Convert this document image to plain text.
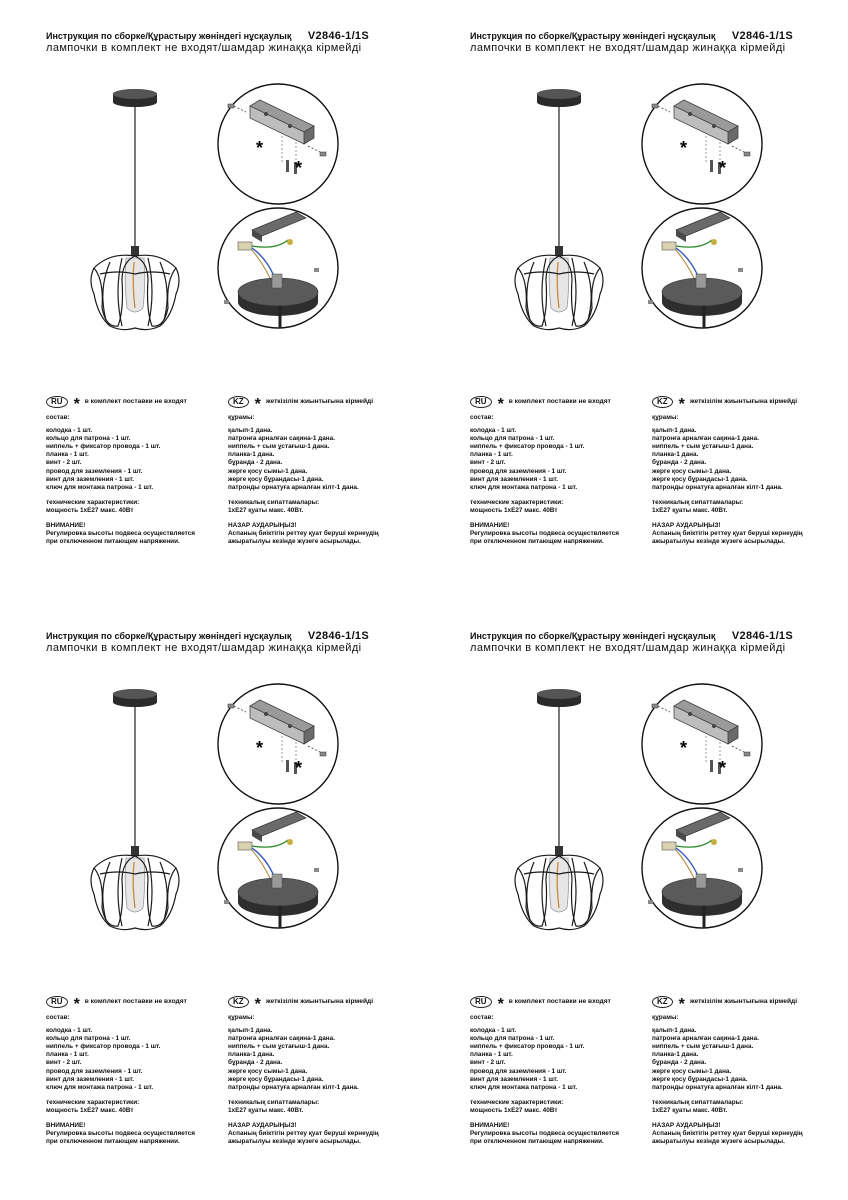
Инструкция по сборке/Құрастыру жөніндегі нұсқаулық V2846-1/1S
лампочки в комплект не входят/шамдар жинаққа кірмейді
*
*
RU * в комплект поставки не входят
состав:
колодка - 1 шт.
кольцо для патрона - 1 шт.
ниппель + фиксатор провода - 1 шт.
планка - 1 шт.
винт - 2 шт.
провод для заземления - 1 шт.
винт для заземления - 1 шт.
ключ для монтажа патрона - 1 шт.
технические характеристики:
мощность 1хЕ27 макс. 40Вт
ВНИМАНИЕ!
Регулировка высоты подвеса осуществляется
при отключенном питающем напряжении.
KZ * жеткізілім жиынтығына кірмейді
құрамы:
қалып-1 дана.
патронға арналған сақина-1 дана.
ниппель + сым ұстағыш-1 дана.
планка-1 дана.
бұранда - 2 дана.
жерге қосу сымы-1 дана.
жерге қосу бұрандасы-1 дана.
патронды орнатуға арналған кілт-1 дана.
техникалық сипаттамалары:
1хЕ27 қуаты макс. 40Вт.
НАЗАР АУДАРЫҢЫЗ!
Аспаның биіктігін реттеу қуат беруші кернеудің
ажыратылуы кезінде жүзеге асырылады.
Инструкция по сборке/Құрастыру жөніндегі нұсқаулық V2846-1/1S
лампочки в комплект не входят/шамдар жинаққа кірмейді
*
*
RU * в комплект поставки не входят
состав:
колодка - 1 шт.
кольцо для патрона - 1 шт.
ниппель + фиксатор провода - 1 шт.
планка - 1 шт.
винт - 2 шт.
провод для заземления - 1 шт.
винт для заземления - 1 шт.
ключ для монтажа патрона - 1 шт.
технические характеристики:
мощность 1хЕ27 макс. 40Вт
ВНИМАНИЕ!
Регулировка высоты подвеса осуществляется
при отключенном питающем напряжении.
KZ * жеткізілім жиынтығына кірмейді
құрамы:
қалып-1 дана.
патронға арналған сақина-1 дана.
ниппель + сым ұстағыш-1 дана.
планка-1 дана.
бұранда - 2 дана.
жерге қосу сымы-1 дана.
жерге қосу бұрандасы-1 дана.
патронды орнатуға арналған кілт-1 дана.
техникалық сипаттамалары:
1хЕ27 қуаты макс. 40Вт.
НАЗАР АУДАРЫҢЫЗ!
Аспаның биіктігін реттеу қуат беруші кернеудің
ажыратылуы кезінде жүзеге асырылады.
Инструкция по сборке/Құрастыру жөніндегі нұсқаулық V2846-1/1S
лампочки в комплект не входят/шамдар жинаққа кірмейді
*
*
RU * в комплект поставки не входят
состав:
колодка - 1 шт.
кольцо для патрона - 1 шт.
ниппель + фиксатор провода - 1 шт.
планка - 1 шт.
винт - 2 шт.
провод для заземления - 1 шт.
винт для заземления - 1 шт.
ключ для монтажа патрона - 1 шт.
технические характеристики:
мощность 1хЕ27 макс. 40Вт
ВНИМАНИЕ!
Регулировка высоты подвеса осуществляется
при отключенном питающем напряжении.
KZ * жеткізілім жиынтығына кірмейді
құрамы:
қалып-1 дана.
патронға арналған сақина-1 дана.
ниппель + сым ұстағыш-1 дана.
планка-1 дана.
бұранда - 2 дана.
жерге қосу сымы-1 дана.
жерге қосу бұрандасы-1 дана.
патронды орнатуға арналған кілт-1 дана.
техникалық сипаттамалары:
1хЕ27 қуаты макс. 40Вт.
НАЗАР АУДАРЫҢЫЗ!
Аспаның биіктігін реттеу қуат беруші кернеудің
ажыратылуы кезінде жүзеге асырылады.
Инструкция по сборке/Құрастыру жөніндегі нұсқаулық V2846-1/1S
лампочки в комплект не входят/шамдар жинаққа кірмейді
*
*
RU * в комплект поставки не входят
состав:
колодка - 1 шт.
кольцо для патрона - 1 шт.
ниппель + фиксатор провода - 1 шт.
планка - 1 шт.
винт - 2 шт.
провод для заземления - 1 шт.
винт для заземления - 1 шт.
ключ для монтажа патрона - 1 шт.
технические характеристики:
мощность 1хЕ27 макс. 40Вт
ВНИМАНИЕ!
Регулировка высоты подвеса осуществляется
при отключенном питающем напряжении.
KZ * жеткізілім жиынтығына кірмейді
құрамы:
қалып-1 дана.
патронға арналған сақина-1 дана.
ниппель + сым ұстағыш-1 дана.
планка-1 дана.
бұранда - 2 дана.
жерге қосу сымы-1 дана.
жерге қосу бұрандасы-1 дана.
патронды орнатуға арналған кілт-1 дана.
техникалық сипаттамалары:
1хЕ27 қуаты макс. 40Вт.
НАЗАР АУДАРЫҢЫЗ!
Аспаның биіктігін реттеу қуат беруші кернеудің
ажыратылуы кезінде жүзеге асырылады.
